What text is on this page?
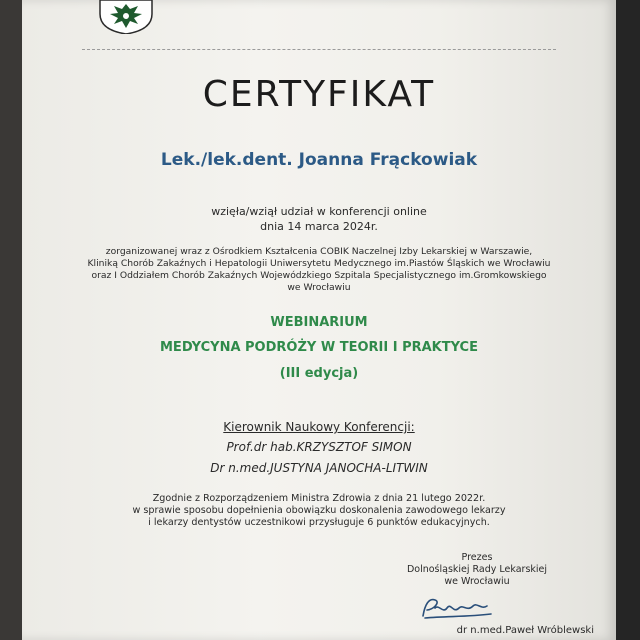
CERTYFIKAT
Lek./lek.dent. Joanna Frąckowiak
wzięła/wziął udział w konferencji online
dnia 14 marca 2024r.
zorganizowanej wraz z Ośrodkiem Kształcenia COBIK Naczelnej Izby Lekarskiej w Warszawie,
Kliniką Chorób Zakaźnych i Hepatologii Uniwersytetu Medycznego im.Piastów Śląskich we Wrocławiu
oraz I Oddziałem Chorób Zakaźnych Wojewódzkiego Szpitala Specjalistycznego im.Gromkowskiego
we Wrocławiu
WEBINARIUM
MEDYCYNA PODRÓŻY W TEORII I PRAKTYCE
(III edycja)
Kierownik Naukowy Konferencji:
Prof.dr hab.KRZYSZTOF SIMON
Dr n.med.JUSTYNA JANOCHA-LITWIN
Zgodnie z Rozporządzeniem Ministra Zdrowia z dnia 21 lutego 2022r.
w sprawie sposobu dopełnienia obowiązku doskonalenia zawodowego lekarzy
i lekarzy dentystów uczestnikowi przysługuje 6 punktów edukacyjnych.
Prezes
Dolnośląskiej Rady Lekarskiej
we Wrocławiu
dr n.med.Paweł Wróblewski
